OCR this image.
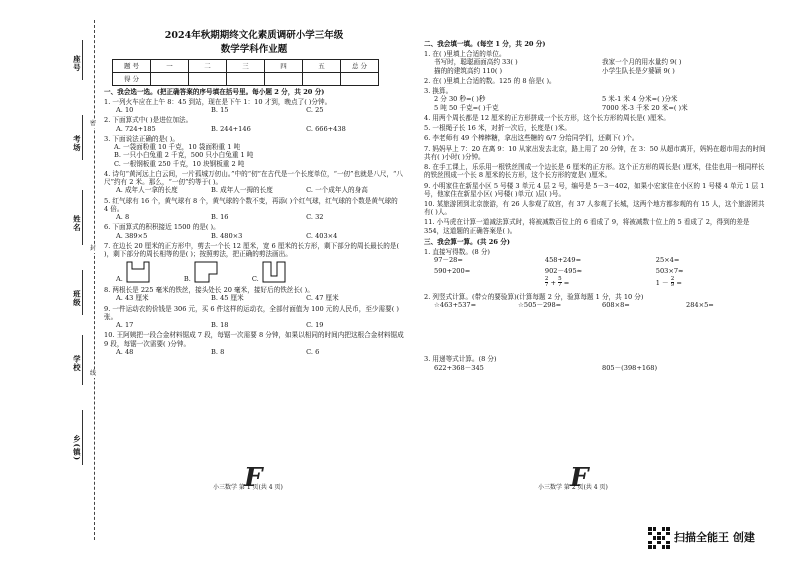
座号
考场
姓名
班级
学校
乡(镇)
密
封
线
2024年秋期期终文化素质调研小学三年级
数学学科作业题
题 号	一	二	三	四	五	总 分
得 分						
一、我会选一选。(把正确答案的序号填在括号里。每小题 2 分，共 20 分)
1. 一列火车应在上午 8：45 到站，现在是下午 1：10 才到，晚点了( )分钟。
A. 10	B. 15	C. 25
2. 下面算式中( )是进位加法。
A. 724+185	B. 244+146	C. 666+438
3. 下面说法正确的是( )。
A. 一袋面粉重 10 千克，10 袋面粉重 1 吨
B. 一只小白兔重 2 千克，500 只小白兔重 1 吨
C. 一根钢板重 250 千克，10 块钢板重 2 吨
4. 诗句“黄河远上白云间，一片孤城万仞山。”中的“仞”在古代是一个长度单位，“一仞”也就是八尺，“八尺”约有 2 米。那么，“一仞”约等于( )。
A. 成年人一拿的长度	B. 成年人一拇的长度	C. 一个成年人的身高
5. 红气球有 16 个，黄气球有 8 个，黄气球的个数不变，再添( )个红气球，红气球的个数是黄气球的 4 倍。
A. 8	B. 16	C. 32
6. 下面算式的积积接近 1500 的是( )。
A. 389×5	B. 480×3	C. 403×4
7. 在边长 20 厘米的正方形中，剪去一个长 12 厘米，宽 6 厘米的长方形，剩下部分的周长最长的是( )，剩下部分的周长相等的是( )；按照剪法，把正确的剪法画出。
A.	B.	C.
8. 两根长是 225 毫米的铁丝，接头处长 20 毫米，接好后的铁丝长( )。
A. 43 厘米	B. 45 厘米	C. 47 厘米
9. 一件运动衣的价钱是 306 元，买 6 件这样的运动衣，全部付面值为 100 元的人民币，至少需要( )张。
A. 17	B. 18	C. 19
10. 王阿姨把一段合金材料锯成 7 段，每锯一次需要 8 分钟，如果以相同的时间内把这根合金材料锯成 9 段，每锯一次需要( )分钟。
A. 48	B. 8	C. 6
F
小三数学 第 1 页(共 4 页)
二、我会填一填。(每空 1 分，共 20 分)
1. 在( )里填上合适的单位。
书写时，聪聪画面高约 33( )	我家一个月的用水量约 9( )
描的的建筑高约 110( )	小学生队长是夕婆颖 9( )
2. 在( )里填上合适的数。125 的 8 倍是( )。
3. 换算。
2 分 30 秒=( )秒	5 米-1 米 4 分米=( )分米
5 吨 50 千克=( )千克	7000 米-3 千米 20 米=( )米
4. 用两个周长都是 12 厘米的正方形拼成一个长方形，这个长方形的周长是( )厘米。
5. 一根绳子长 16 米，对折一次后，长度是( )米。
6. 李老师有 49 个棒棒糖，拿出这些糖的 6/7 分给同学们，还剩下( )个。
7. 妈妈早上 7：20 在离 9：10 从家出发去北京，路上用了 20 分钟，在 3：50 从超市离开，妈妈在超市用去的时间共有( )小时( )分钟。
8. 在手工课上，乐乐用一根铁丝围成一个边长是 6 厘米的正方形。这个正方形的周长是( )厘米，佳佳也用一根同样长的铁丝围成一个长 8 厘米的长方形，这个长方形的宽是( )厘米。
9. 小明家住在新星小区 5 号楼 3 单元 4 层 2 号，编号是 5－3－402，如果小宏家住在小区的 1 号楼 4 单元 1 层 1 号，他家住在新星小区( )号楼( )单元( )层( )号。
10. 某旅游团到北京旅游，有 26 人参观了故宫，有 37 人参观了长城，这两个地方都参观的有 15 人，这个旅游团共有( )人。
11. 小马虎在计算一道减法算式时，将被减数百位上的 6 看成了 9，将被减数十位上的 5 看成了 2，得到的差是 354，这道题的正确答案是( )。
三、我会算一算。(共 26 分)
1. 直接写得数。(8 分)
97－28=	458+249=	25×4=
590+200=	902－495≈	503×7≈
$\frac{2}{7} + \frac{5}{7}$ =	$1 - \frac{2}{9}$ =
2. 列竖式计算。(带☆的要验算)(计算每题 2 分，验算每题 1 分，共 10 分)
☆463+537=	☆505－298=	608×8=	284×5=
3. 用递等式计算。(8 分)
622+368－345	805－(398+168)
F
小三数学 第 2 页(共 4 页)
扫描全能王 创建
